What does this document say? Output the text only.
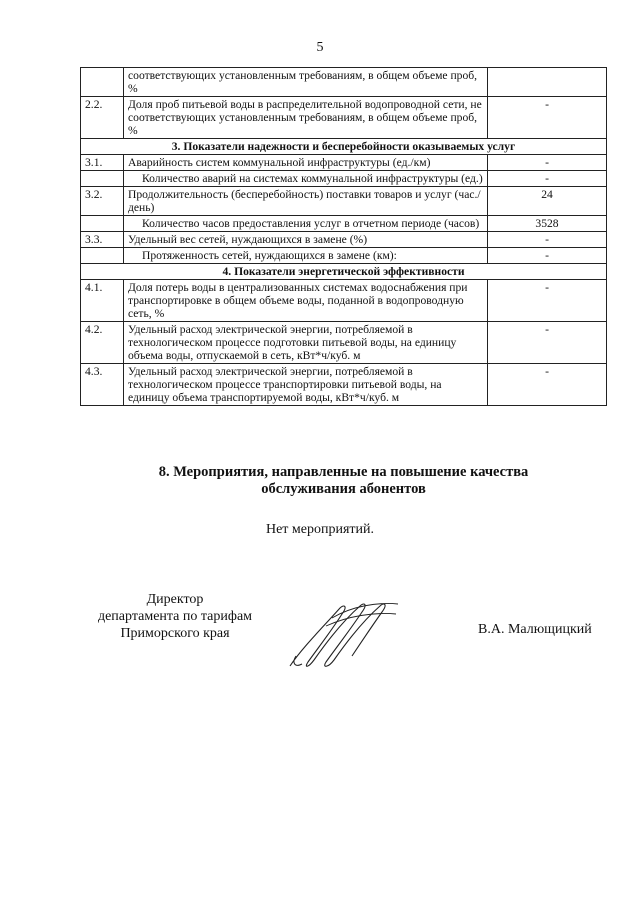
5
	соответствующих установленным требованиям, в общем объеме проб, %	
2.2.	Доля проб питьевой воды в распределительной водопроводной сети, не соответствующих установленным требованиям, в общем объеме проб, %	-
3. Показатели надежности и бесперебойности оказываемых услуг		
3.1.	Аварийность систем коммунальной инфраструктуры (ед./км)	-

	Количество аварий на системах коммунальной инфраструктуры (ед.)	-
3.2.	Продолжительность (бесперебойность) поставки товаров и услуг (час./день)	24

	Количество часов предоставления услуг в отчетном периоде (часов)	3528
3.3.	Удельный вес сетей, нуждающихся в замене (%)	-

	Протяженность сетей, нуждающихся в замене (км):	-
4. Показатели энергетической эффективности		
4.1.	Доля потерь воды в централизованных системах водоснабжения при транспортировке в общем объеме воды, поданной в водопроводную сеть, %	-
4.2.	Удельный расход электрической энергии, потребляемой в технологическом процессе подготовки питьевой воды, на единицу объема воды, отпускаемой в сеть, кВт*ч/куб. м	-
4.3.	Удельный расход электрической энергии, потребляемой в технологическом процессе транспортировки питьевой воды, на единицу объема транспортируемой воды, кВт*ч/куб. м	-
8. Мероприятия, направленные на повышение качества
обслуживания абонентов
Нет мероприятий.
Директор
департамента по тарифам
Приморского края	В.А. Малющицкий
